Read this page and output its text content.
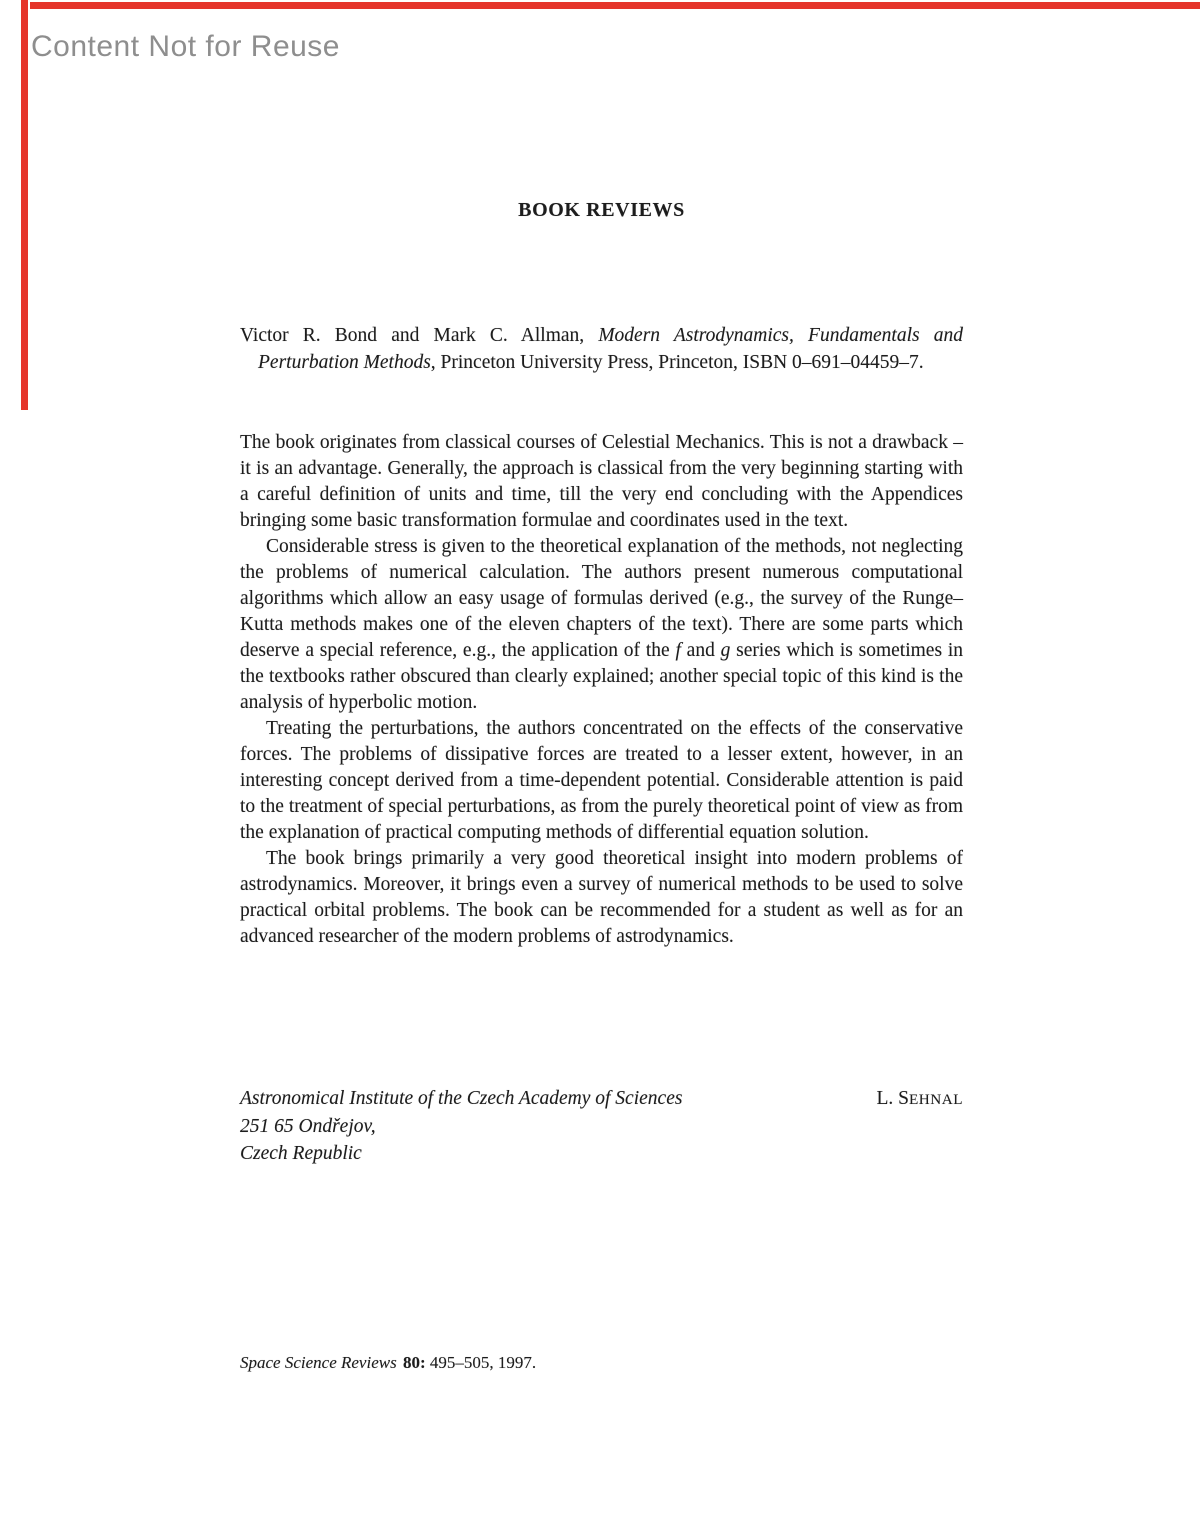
Content Not for Reuse
BOOK REVIEWS
Victor R. Bond and Mark C. Allman, Modern Astrodynamics, Fundamentals and Perturbation Methods, Princeton University Press, Princeton, ISBN 0–691–04459–7.

The book originates from classical courses of Celestial Mechanics. This is not a drawback – it is an advantage. Generally, the approach is classical from the very beginning starting with a careful definition of units and time, till the very end concluding with the Appendices bringing some basic transformation formulae and coordinates used in the text.

Considerable stress is given to the theoretical explanation of the methods, not neglecting the problems of numerical calculation. The authors present numerous computational algorithms which allow an easy usage of formulas derived (e.g., the survey of the Runge–Kutta methods makes one of the eleven chapters of the text). There are some parts which deserve a special reference, e.g., the application of the f and g series which is sometimes in the textbooks rather obscured than clearly explained; another special topic of this kind is the analysis of hyperbolic motion.

Treating the perturbations, the authors concentrated on the effects of the conservative forces. The problems of dissipative forces are treated to a lesser extent, however, in an interesting concept derived from a time-dependent potential. Considerable attention is paid to the treatment of special perturbations, as from the purely theoretical point of view as from the explanation of practical computing methods of differential equation solution.

The book brings primarily a very good theoretical insight into modern problems of astrodynamics. Moreover, it brings even a survey of numerical methods to be used to solve practical orbital problems. The book can be recommended for a student as well as for an advanced researcher of the modern problems of astrodynamics.

Astronomical Institute of the Czech Academy of Sciences	L. SEHNAL
251 65 Ondřejov,
Czech Republic
Space Science Reviews 80: 495–505, 1997.
